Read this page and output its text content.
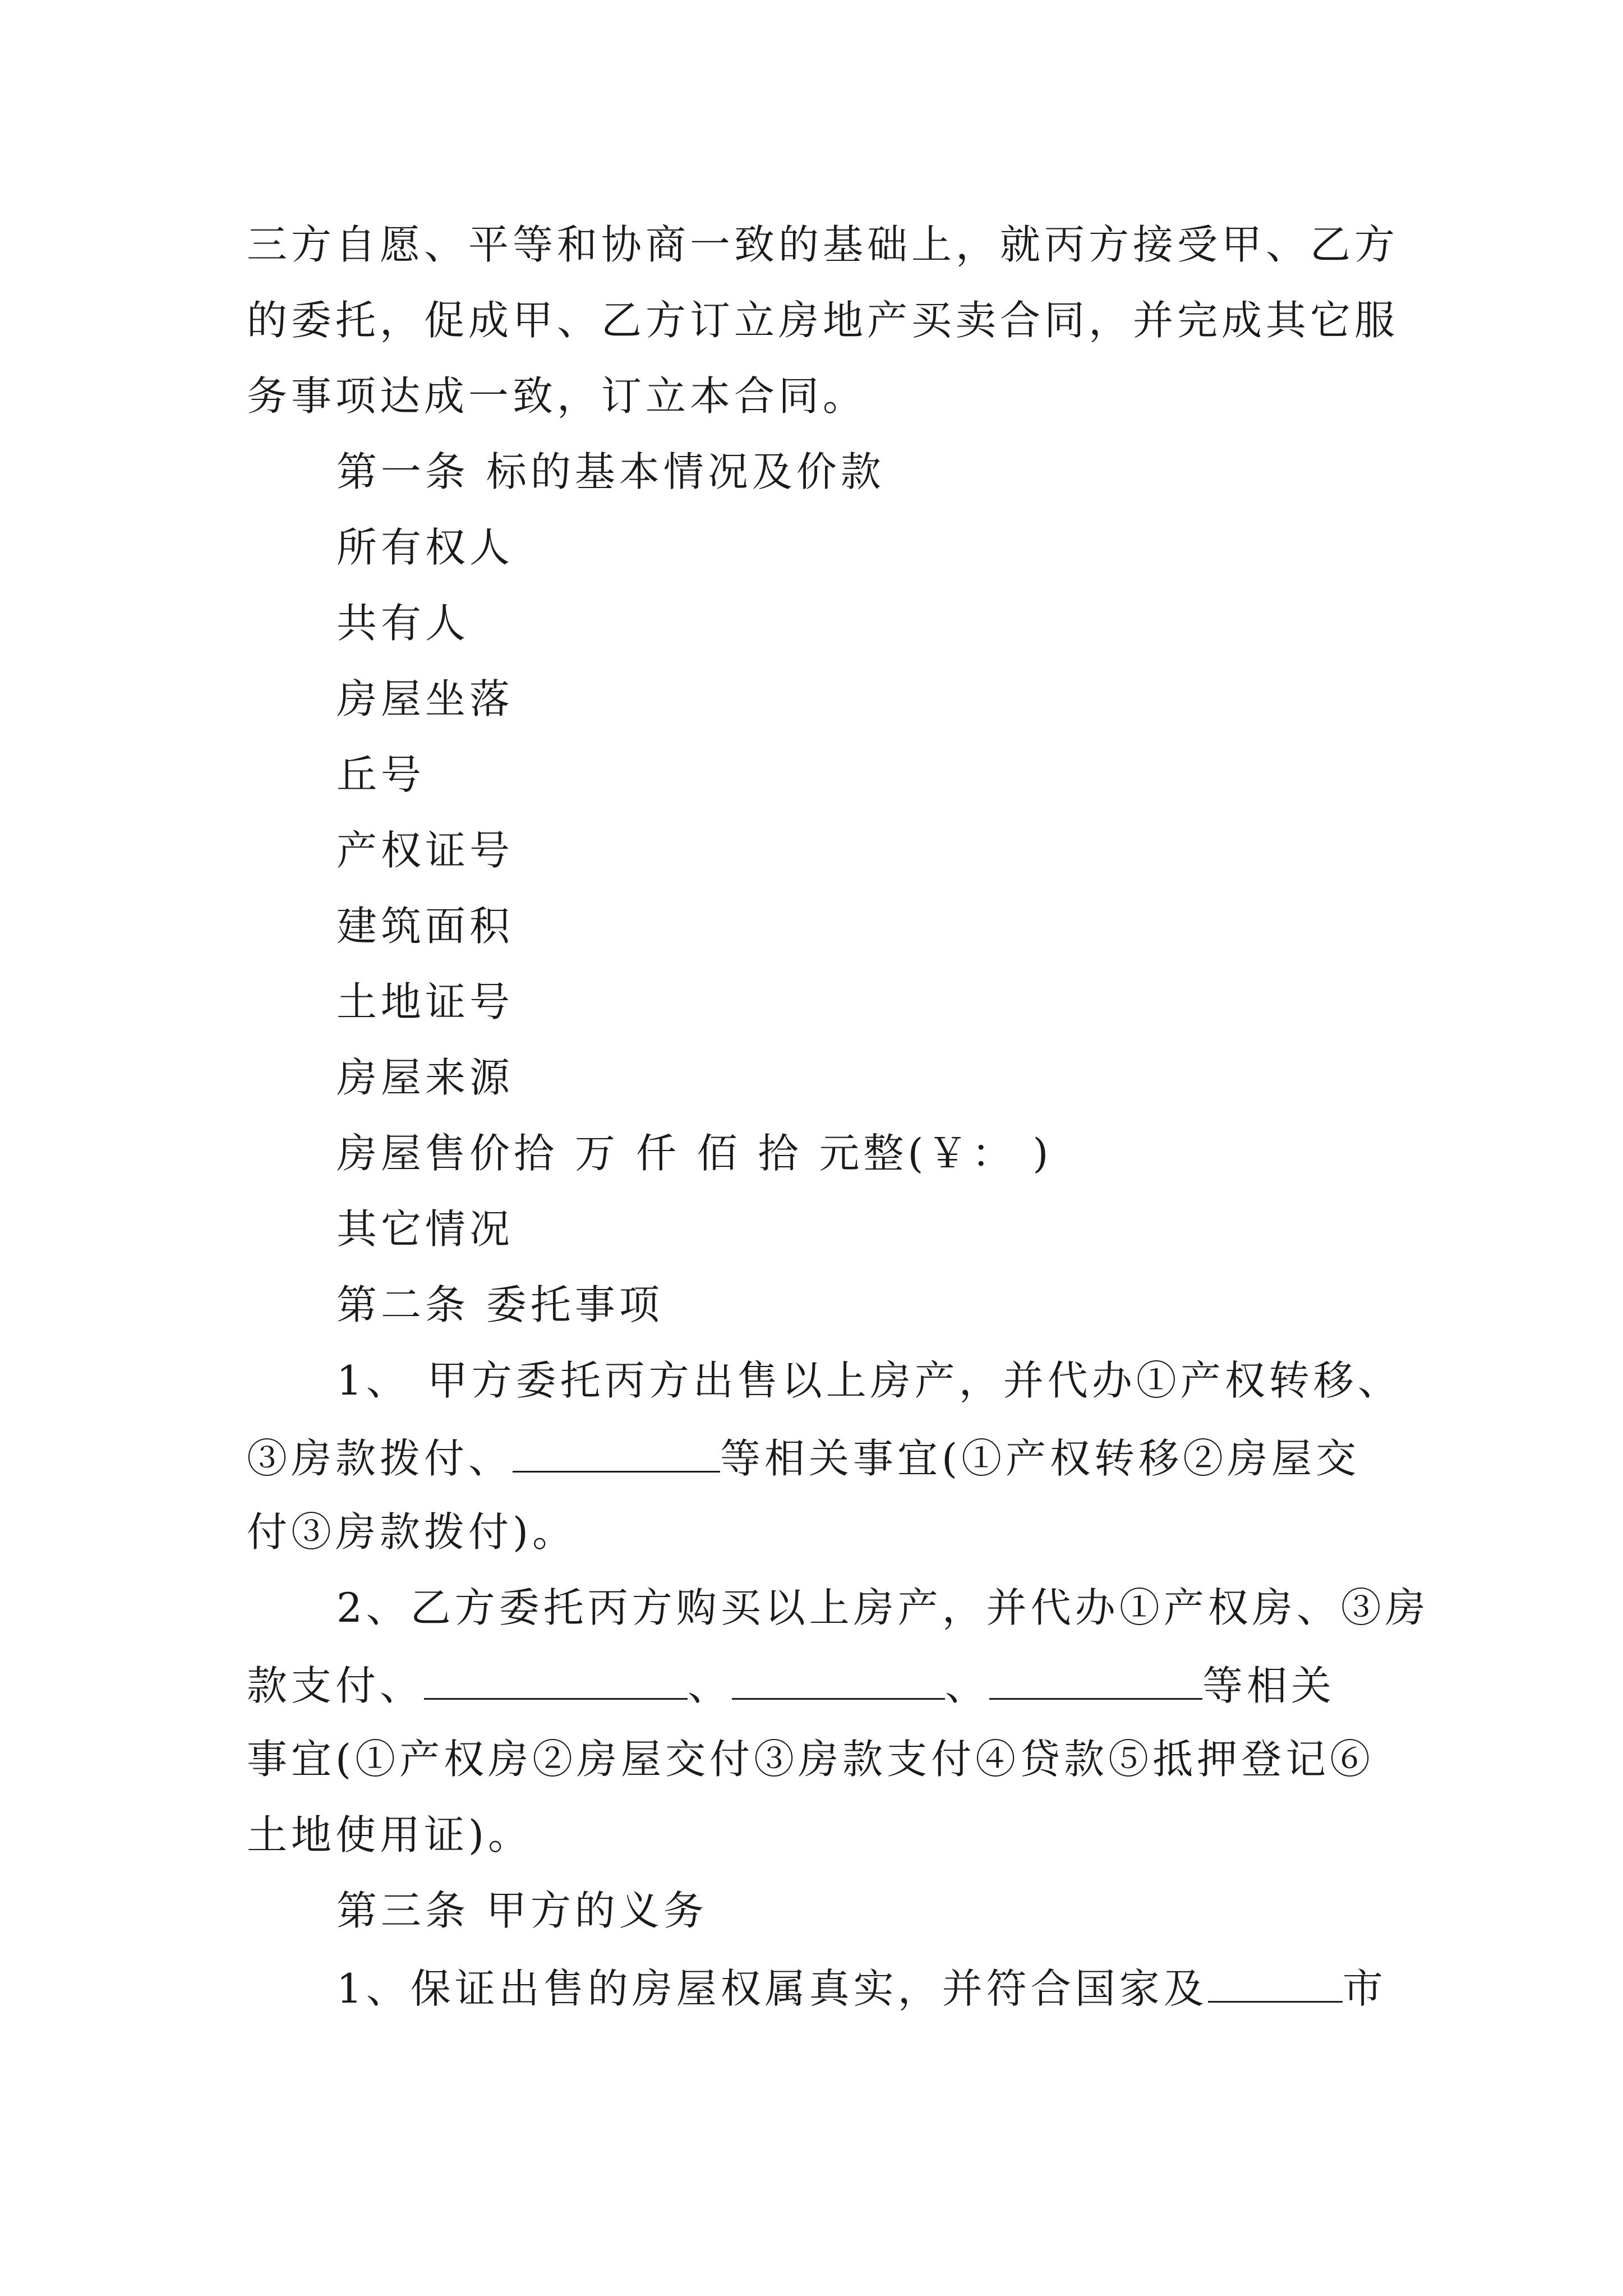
三方自愿、平等和协商一致的基础上，就丙方接受甲、乙方
的委托，促成甲、乙方订立房地产买卖合同，并完成其它服
务事项达成一致，订立本合同。
第一条 标的基本情况及价款
所有权人
共有人
房屋坐落
丘号
产权证号
建筑面积
土地证号
房屋来源
房屋售价拾 万 仟 佰 拾 元整(￥： )
其它情况
第二条 委托事项
1、 甲方委托丙方出售以上房产，并代办①产权转移、
③房款拨付、	等相关事宜(①产权转移②房屋交
付③房款拨付)。
2、乙方委托丙方购买以上房产，并代办①产权房、③房
款支付、	、	、	等相关
事宜(①产权房②房屋交付③房款支付④贷款⑤抵押登记⑥
土地使用证)。
第三条 甲方的义务
1、保证出售的房屋权属真实，并符合国家及	市
